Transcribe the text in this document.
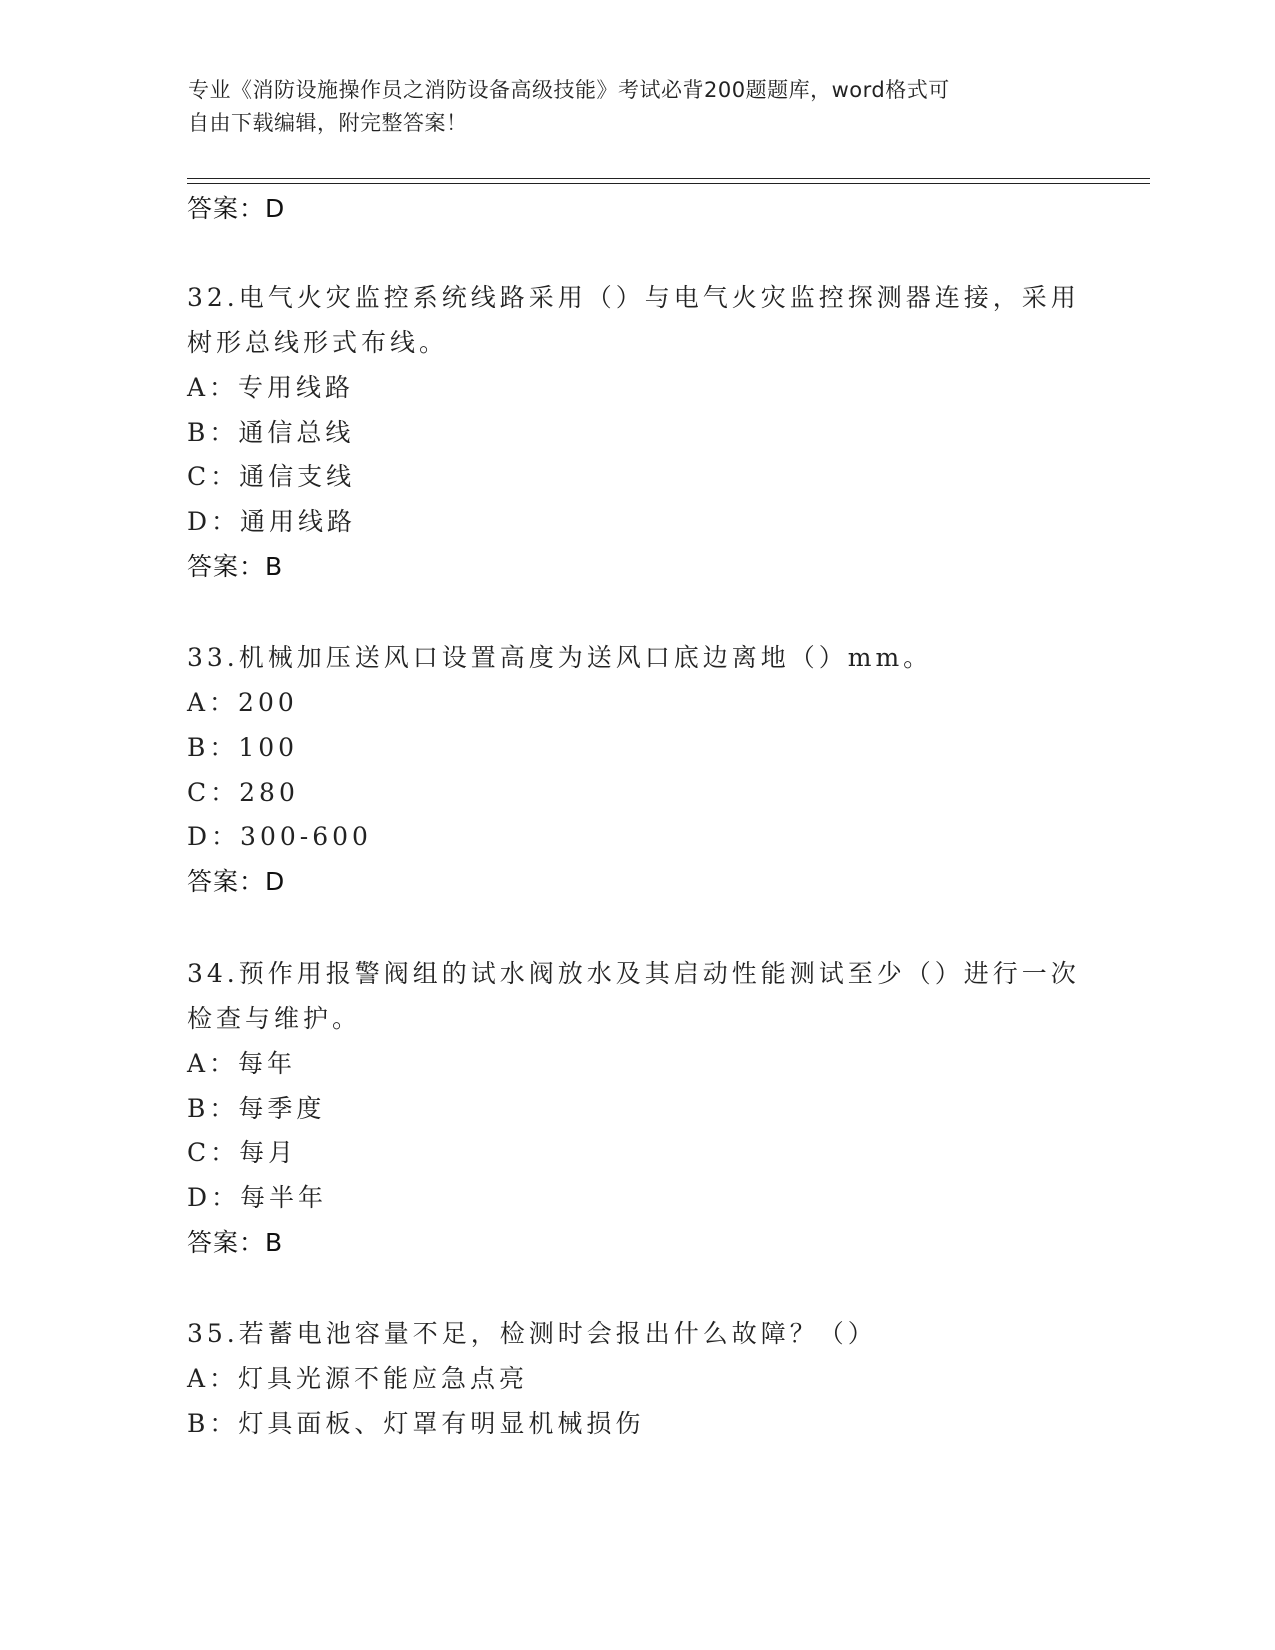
专业《消防设施操作员之消防设备高级技能》考试必背200题题库，word格式可
自由下载编辑，附完整答案！
答案：D
32.电气火灾监控系统线路采用（）与电气火灾监控探测器连接，采用
树形总线形式布线。
A：专用线路
B：通信总线
C：通信支线
D：通用线路
答案：B
33.机械加压送风口设置高度为送风口底边离地（）mm。
A：200
B：100
C：280
D：300-600
答案：D
34.预作用报警阀组的试水阀放水及其启动性能测试至少（）进行一次
检查与维护。
A：每年
B：每季度
C：每月
D：每半年
答案：B
35.若蓄电池容量不足，检测时会报出什么故障？（）
A：灯具光源不能应急点亮
B：灯具面板、灯罩有明显机械损伤
